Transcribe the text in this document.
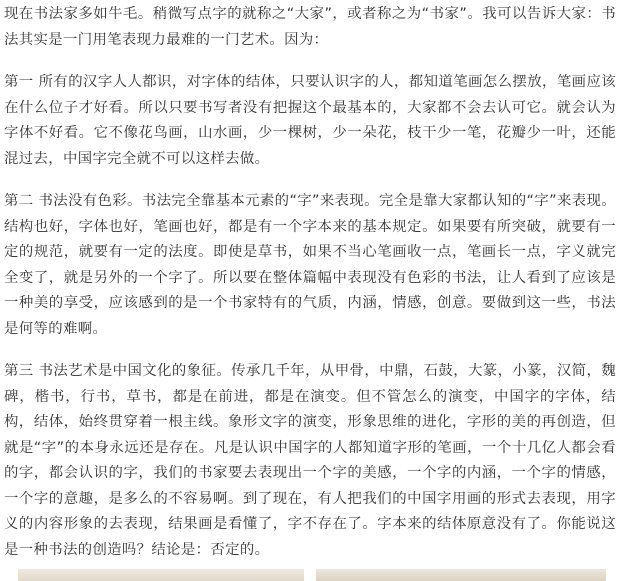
现在书法家多如牛毛。稍微写点字的就称之“大家”，或者称之为“书家”。我可以告诉大家：书法其实是一门用笔表现力最难的一门艺术。因为：

第一 所有的汉字人人都识，对字体的结体，只要认识字的人，都知道笔画怎么摆放，笔画应该在什么位子才好看。所以只要书写者没有把握这个最基本的，大家都不会去认可它。就会认为字体不好看。它不像花鸟画，山水画，少一棵树，少一朵花，枝干少一笔，花瓣少一叶，还能混过去，中国字完全就不可以这样去做。

第二 书法没有色彩。书法完全靠基本元素的“字”来表现。完全是靠大家都认知的“字”来表现。结构也好，字体也好，笔画也好，都是有一个字本来的基本规定。如果要有所突破，就要有一定的规范，就要有一定的法度。即使是草书，如果不当心笔画收一点，笔画长一点，字义就完全变了，就是另外的一个字了。所以要在整体篇幅中表现没有色彩的书法，让人看到了应该是一种美的享受，应该感到的是一个书家特有的气质，内涵，情感，创意。要做到这一些，书法是何等的难啊。

第三 书法艺术是中国文化的象征。传承几千年，从甲骨，中鼎，石鼓，大篆，小篆，汉简，魏碑，楷书，行书，草书，都是在前进，都是在演变。但不管怎么的演变，中国字的字体，结构，结体，始终贯穿着一根主线。象形文字的演变，形象思维的进化，字形的美的再创造，但就是“字”的本身永远还是存在。凡是认识中国字的人都知道字形的笔画，一个十几亿人都会看的字，都会认识的字，我们的书家要去表现出一个字的美感，一个字的内涵，一个字的情感，一个字的意趣，是多么的不容易啊。到了现在，有人把我们的中国字用画的形式去表现，用字义的内容形象的去表现，结果画是看懂了，字不存在了。字本来的结体原意没有了。你能说这是一种书法的创造吗？结论是：否定的。
